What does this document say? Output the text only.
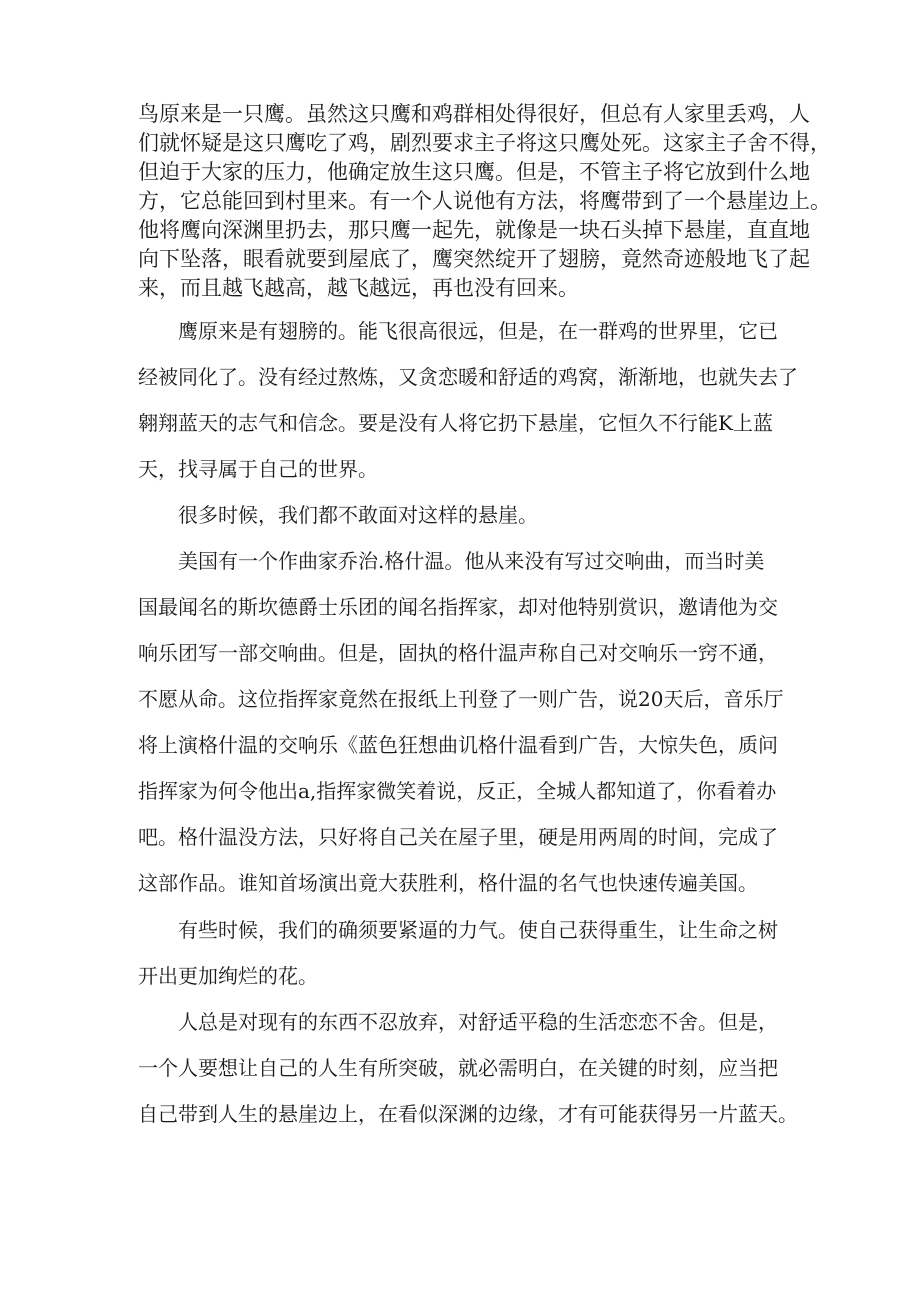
鸟原来是一只鹰。虽然这只鹰和鸡群相处得很好，但总有人家里丢鸡，人
们就怀疑是这只鹰吃了鸡，剧烈要求主子将这只鹰处死。这家主子舍不得，
但迫于大家的压力，他确定放生这只鹰。但是，不管主子将它放到什么地
方，它总能回到村里来。有一个人说他有方法，将鹰带到了一个悬崖边上。
他将鹰向深渊里扔去，那只鹰一起先，就像是一块石头掉下悬崖，直直地
向下坠落，眼看就要到屋底了，鹰突然绽开了翅膀，竟然奇迹般地飞了起
来，而且越飞越高，越飞越远，再也没有回来。
鹰原来是有翅膀的。能飞很高很远，但是，在一群鸡的世界里，它已
经被同化了。没有经过熬炼，又贪恋暖和舒适的鸡窝，渐渐地，也就失去了
翱翔蓝天的志气和信念。要是没有人将它扔下悬崖，它恒久不行能K上蓝
天，找寻属于自己的世界。
很多时候，我们都不敢面对这样的悬崖。
美国有一个作曲家乔治.格什温。他从来没有写过交响曲，而当时美
国最闻名的斯坎德爵士乐团的闻名指挥家，却对他特别赏识，邀请他为交
响乐团写一部交响曲。但是，固执的格什温声称自己对交响乐一窍不通，
不愿从命。这位指挥家竟然在报纸上刊登了一则广告，说20天后，音乐厅
将上演格什温的交响乐《蓝色狂想曲讥格什温看到广告，大惊失色，质问
指挥家为何令他出a,指挥家微笑着说，反正，全城人都知道了，你看着办
吧。格什温没方法，只好将自己关在屋子里，硬是用两周的时间，完成了
这部作品。谁知首场演出竟大获胜利，格什温的名气也快速传遍美国。
有些时候，我们的确须要紧逼的力气。使自己获得重生，让生命之树
开出更加绚烂的花。
人总是对现有的东西不忍放弃，对舒适平稳的生活恋恋不舍。但是，
一个人要想让自己的人生有所突破，就必需明白，在关键的时刻，应当把
自己带到人生的悬崖边上，在看似深渊的边缘，才有可能获得另一片蓝天。
